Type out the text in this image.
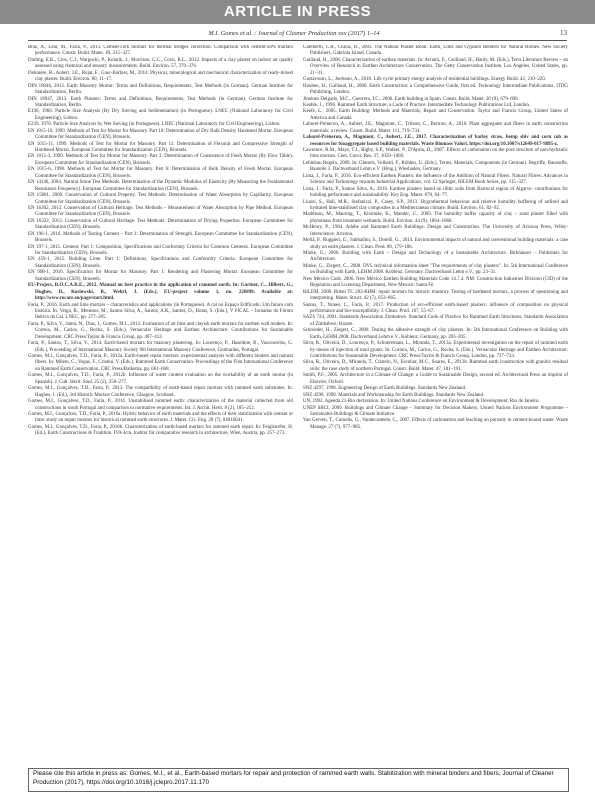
ARTICLE IN PRESS
M.I. Gomes et al. / Journal of Cleaner Production xxx (2017) 1–14	13

Brás, A., Leal, M., Faria, P., 2013. Cement-cork mortars for thermal bridges correction. Comparison with cement-EPS mortars performance. Constr. Build. Mater. 49, 315–327.

Darling, E.K., Cros, C.J., Wargocki, P., Kolarik, J., Morrison, G.C., Corsi, R.L., 2012. Impacts of a clay plaster on indoor air quality assessed using chemical and sensory measurements. Build. Environ. 57, 370–376.

Delinière, R., Aubert, J.E., Rojat, F., Gasc-Barbier, M., 2014. Physical, mineralogical and mechanical characterization of ready-mixed clay plaster. Build. Environ. 80, 11–17.

DIN 18946, 2013. Earth Masonry Mortar: Terms and Definitions, Requirements, Test Methods (in German). German Institute for Standardization, Berlin.

DIN 18947, 2013. Earth Plasters: Terms and Definitions, Requirements, Test Methods (in German). German Institute for Standardization, Berlin.

E196, 1966. Particle Size Analysis (By Dry Sieving and Sedimentation) (in Portuguese). LNEC (National Laboratory for Civil Engineering), Lisbon.

E239, 1970. Particle Size Analysis by Wet Sieving (in Portuguese). LNEC (National Laboratory for Civil Engineering), Lisbon.

EN 1015-10, 1999. Methods of Test for Mortar for Masonry. Part 10: Determination of Dry Bulk Density Hardened Mortar. European Committee for Standardization (CEN), Brussels.

EN 1015-11, 1999. Methods of Test for Mortar for Masonry. Part 11: Determination of Flexural and Compressive Strength of Hardened Mortar. European Committee for Standardization (CEN), Brussels.

EN 1015-3, 1999. Methods of Test for Mortar for Masonry. Part 3: Determination of Consistence of Fresh Mortar (By Flow Table). European Committee for Standardization (CEN), Brussels.

EN 1015-6, 1998. Methods of Test for Mortar for Masonry. Part 6: Determination of Bulk Density of Fresh Mortar. European Committee for Standardization (CEN), Brussels.

EN 14146, 2004. Natural Stone Test Methods. Determination of the Dynamic Modulus of Elasticity (By Measuring the Fundamental Resonance Frequency). European Committee for Standardization (CEN), Brussels.

EN 15801, 2009. Conservation of Cultural Property. Test Methods: Determination of Water Absorption by Capillarity. European Committee for Standardization (CEN), Brussels.

EN 16302, 2013. Conservation of Cultural Heritage. Test Methods – Measurement of Water Absorption by Pipe Method. European Committee for Standardization (CEN), Brussels.

EN 16322, 2013. Conservation of Cultural Heritage. Test Methods: Determination of Drying Properties. European Committee for Standardization (CEN), Brussels.

EN 196-1, 2016. Methods of Testing Cement – Part 1: Determination of Strength. European Committee for Standardization (CEN), Brussels.

EN 197-1, 2011. Cement. Part 1: Composition, Specifications and Conformity Criteria for Common Cements. European Committee for Standardization (CEN), Brussels.

EN 459-1, 2015. Building Lime. Part 1: Definitions, Specifications and Conformity Criteria. European Committee for Standardization (CEN), Brussels.

EN 998-1, 2016. Specification for Mortar for Masonry. Part 1: Rendering and Plastering Mortar. European Committee for Standardization (CEN), Brussels.

EU-Project, R.O.C.A.R.E., 2012. Manual on best practice in the application of rammed earth. In: Gartner, C., Hilbert, G., Hughes, D., Koslowski, R., Wehrl, J. (Eds.), EU-project volume 1, no. 226898. Available at: http://www.rocare.eu/page/start.html.

Faria, P., 2016. Earth and lime mortars – characteristics and applications (in Portuguese). A cal no Espaço Edificado: Um futuro com história. In: Veiga, R., Menezes, M., Santos Silva, A., Santos, A.R., Santos, D., Botas, S. (Eds.), V FICAL – Jornadas do Fórum Ibérico da Cal. LNEC, pp. 277–285.

Faria, P., Silva, V., Jamú, N., Dias, I., Gomes, M.I., 2013. Evaluation of air lime and clayish earth mortars for earthen wall renders. In: Correia, M., Carlos, G., Rocha, S. (Eds.), Vernacular Heritage and Earthen Architecture: Contributions for Sustainable Development. CRC Press/Taylor & Francis Group, pp. 407–413.

Faria, P., Santos, T., Silva, V., 2014. Earth-based mortars for masonry plastering. In: Lourenço, P., Haseltine, B., Vasconcelos, G. (Eds.), Proceeding of International Masonry Society 9th International Masonry Conference, Guimarães, Portugal.

Gomes, M.I., Gonçalves, T.D., Faria, P., 2012a. Earth-based repair mortars: experimental analysis with different binders and natural fibers. In: Mileto, C., Vegas, F., Cristini, V. (Eds.), Rammed Earth Conservation: Proceedings of the First International Conference on Rammed Earth Conservation. CRC Press/Balkema, pp. 661–668.

Gomes, M.I., Gonçalves, T.D., Faria, P., 2012b. Influence of water content evaluation on the workability of an earth mortar (in Spanish). J. Cult. Herit. Stud. 25 (2), 258–277.

Gomes, M.I., Gonçalves, T.D., Faria, P., 2013. The compatibility of earth-based repair mortars with rammed earth substrates. In: Hughes, J. (Ed.), 3rd Historic Mortars Conference, Glasgow, Scotland.

Gomes, M.I., Gonçalves, T.D., Faria, P., 2014. Unstabilised rammed earth: characterization of the material collected from old constructions in south Portugal and comparison to normative requirements. Int. J. Archit. Herit. 8 (2), 185–212.

Gomes, M.I., Gonçalves, T.D., Faria, P., 2016a. Hydric behavior of earth materials and the effects of their stabilization with cement or lime: study on repair mortars for historical rammed earth structures. J. Mater. Civ. Eng. 28 (7), 04016041.

Gomes, M.I., Gonçalves, T.D., Faria, P., 2016b. Characterization of earth-based mortars for rammed earth repair. In: Feiglstorfer, H. (Ed.), Earth Constructions & Tradition. IVA-Icra. Institut für comparative research in architecture, Wien, Austria, pp. 257–273.

Guelberth, C.R., Chiras, D., 2003. The Natural Plaster Book: Earth, Lime and Gypsum Renders for Natural Homes. New Society Publishers, Gabriola Island, Canada.

Guillaud, H., 2008. Characterization of earthen materials. In: Avrami, E., Guillaud, H., Hardy, M. (Eds.), Terra Literature Review – an Overview of Research in Earthen Architecture Conservation. The Getty Conservation Institute, Los Angeles, United States, pp. 21–31.

Gustavsson, L., Joelsson, A., 2010. Life cycle primary energy analysis of residential buildings. Energy Build. 42, 210–220.

Houben, H., Guillaud, H., 2006. Earth Construction: a Comprehensive Guide, first ed. Technology Intermediate Publications, ITDG Publishing, London.

Jiménez Delgado, M.C., Guerrero, I.C., 2006. Earth building in Spain. Constr. Build. Mater. 20 (9), 679–690.

Keable, J., 1996. Rammed Earth Structure: a Code of Practice. Intermediate Technology Publications Ltd, London.

Keefe, L., 2005. Earth Building: Methods and Materials, Repair and Conservation. Taylor and Francis Group, United States of America and Canada.

Laborel-Préneron, A., Aubert, J.E., Magniont, C., Tribout, C., Bertron, A., 2016. Plant aggregates and fibers in earth construction materials: a review. Constr. Build. Mater. 111, 719–734.

Laborel-Préneron, A., Magniont, C., Aubert, J.E., 2017. Characterization of barley straw, hemp shiv and corn cob as resources for bioaggregate based building materials. Waste Biomass Valori. https://doi.org/10.1007/s12649-017-9895-z.

Lawrence, R.M., Mays, T.J., Rigby, S.P., Walker, P., D'Ayala, D., 2007. Effects of carbonation on the pore structure of non-hydraulic lime mortars. Cem. Concr. Res. 37, 1059–1069.

Lehmbau Regeln, 2009. In: Ghesels, Volhard, F., Röhlen, U. (Eds.), Terms, Materials, Components (in German). Begriffe, Baustoffe, Bauteile 3. Dachverband Lehm e.V. (Hrsg.), Wiesbaden, Germany.

Lima, J., Faria, P., 2016. Eco-efficient Earthen Plasters: the Influence of the Addition of Natural Fibers. Natural Fibres: Advances in Science and Technology towards Industrial Applications, vol. 12 Springer, RILEM Book Series, pp. 315–327.

Lima, J., Faria, P., Santos Silva, A., 2016. Earthen plasters based on illitic soils from Barrocal region of Algarve: contributions for building performance and sustainability. Key Eng. Mater. 678, 64–77.

Liuzzi, S., Hall, M.R., Stefanizzi, P., Casey, S.P., 2013. Hygrothermal behaviour and relative humidity buffering of unfired and hydrated lime-stabilised clay composites in a Mediterranean climate. Build. Environ. 61, 82–92.

Maddison, M., Mauring, T., Kirsimäe, K., Mander, U., 2009. The humidity buffer capacity of clay – sand plaster filled with phytomass from treatment wetlands. Build. Environ. 44 (9), 1864–1868.

McHenry, P., 1984. Adobe and Rammed Earth Buildings: Design and Construction. The University of Arizona Press, Wiley-Interscience, Arizona.

Melià, P., Ruggieri, G., Sabbadini, S., Dotelli, G., 2014. Environmental impacts of natural and conventional building materials: a case study on earth plasters. J. Clean. Prod. 80, 179–186.

Minke, G., 2006. Building with Earth – Design and Technology of a Sustainable Architecture. Birkhäuser – Publishers for Architecture.

Minke, G., Ziegert, C., 2008. DVL technical information sheet "The requirements of clay plasters". In: 5th International Conference on Building with Earth, LEHM 2008. Koblenz, Germany. Dachverband Lehm e.V., pp. 23–31.

New Mexico Code, 2006. New México Earthen Building Materials Code 14.7.4. NM: Construction Industries Division (CID) of the Regulation and Licensing Department, New Mexico: Santa Fé.

RILEM, 2008. Rilem TC 203-RHM: repair mortars for historic masonry. Testing of hardened mortars, a process of questioning and interpreting. Mater. Struct. 42 (7), 853–865.

Santos, T., Nunes, L., Faria, P., 2017. Production of eco-efficient earth-based plasters: influence of composition on physical performance and bio-susceptibility. J. Clean. Prod. 167, 55–67.

SAZS 724, 2001. Standards Association Zimbabwe. Standard Code of Practice for Rammed Earth Structures. Standards Association of Zimbabwe, Harare.

Schroeder, H., Ziegert, C., 2008. Testing the adhesive strength of clay plasters. In: 5th International Conference on Building with Earth, LEHM 2008. Dachverband Lehm e.V., Koblenz, Germany, pp. 203–205.

Silva, R., Oliveira, D., Lourenço, P., Schueremans, L., Miranda, T., 2013a. Experimental investigation on the repair of rammed earth by means of injection of mud grouts. In: Correia, M., Carlos, G., Rocha, S. (Eds.), Vernacular Heritage and Earthen Architecture: Contributions for Sustainable Development. CRC Press/Taylor & Francis Group, London, pp. 727–733.

Silva, R., Oliveira, D., Miranda, T., Cristelo, N., Escobar, M.C., Soares, E., 2013b. Rammed earth construction with granitic residual soils: the case study of northern Portugal. Constr. Build. Mater. 47, 181–191.

Smith, P.F., 2005. Architecture in a Climate of Change: a Guide to Sustainable Design, second ed. Architectural Press an imprint of Elsevier, Oxford.

SNZ 4297, 1998. Engineering Design of Earth Buildings. Standards New Zealand.

SNZ 4298, 1998. Materials and Workmanship for Earth Buildings. Standards New Zealand.

UN, 1992. Agenda 21-Rio declaration. In: United Nations Conference on Environment & Development, Rio de Janeiro.

UNEP SBCI, 2009. Buildings and Climate Change – Summary for Decision Makers. United Nations Environment Programme – Sustainable Buildings & Climate Initiative.

Van Gerven, T., Cornelis, G., Vandecasteele, C., 2007. Effects of carbonation and leaching on porosity in cement-bound waste. Waste Manage. 27 (7), 977–985.

Please cite this article in press as: Gomes, M.I., et al., Earth-based mortars for repair and protection of rammed earth walls. Stabilization with mineral binders and fibers, Journal of Cleaner Production (2017), https://doi.org/10.1016/j.jclepro.2017.11.170
